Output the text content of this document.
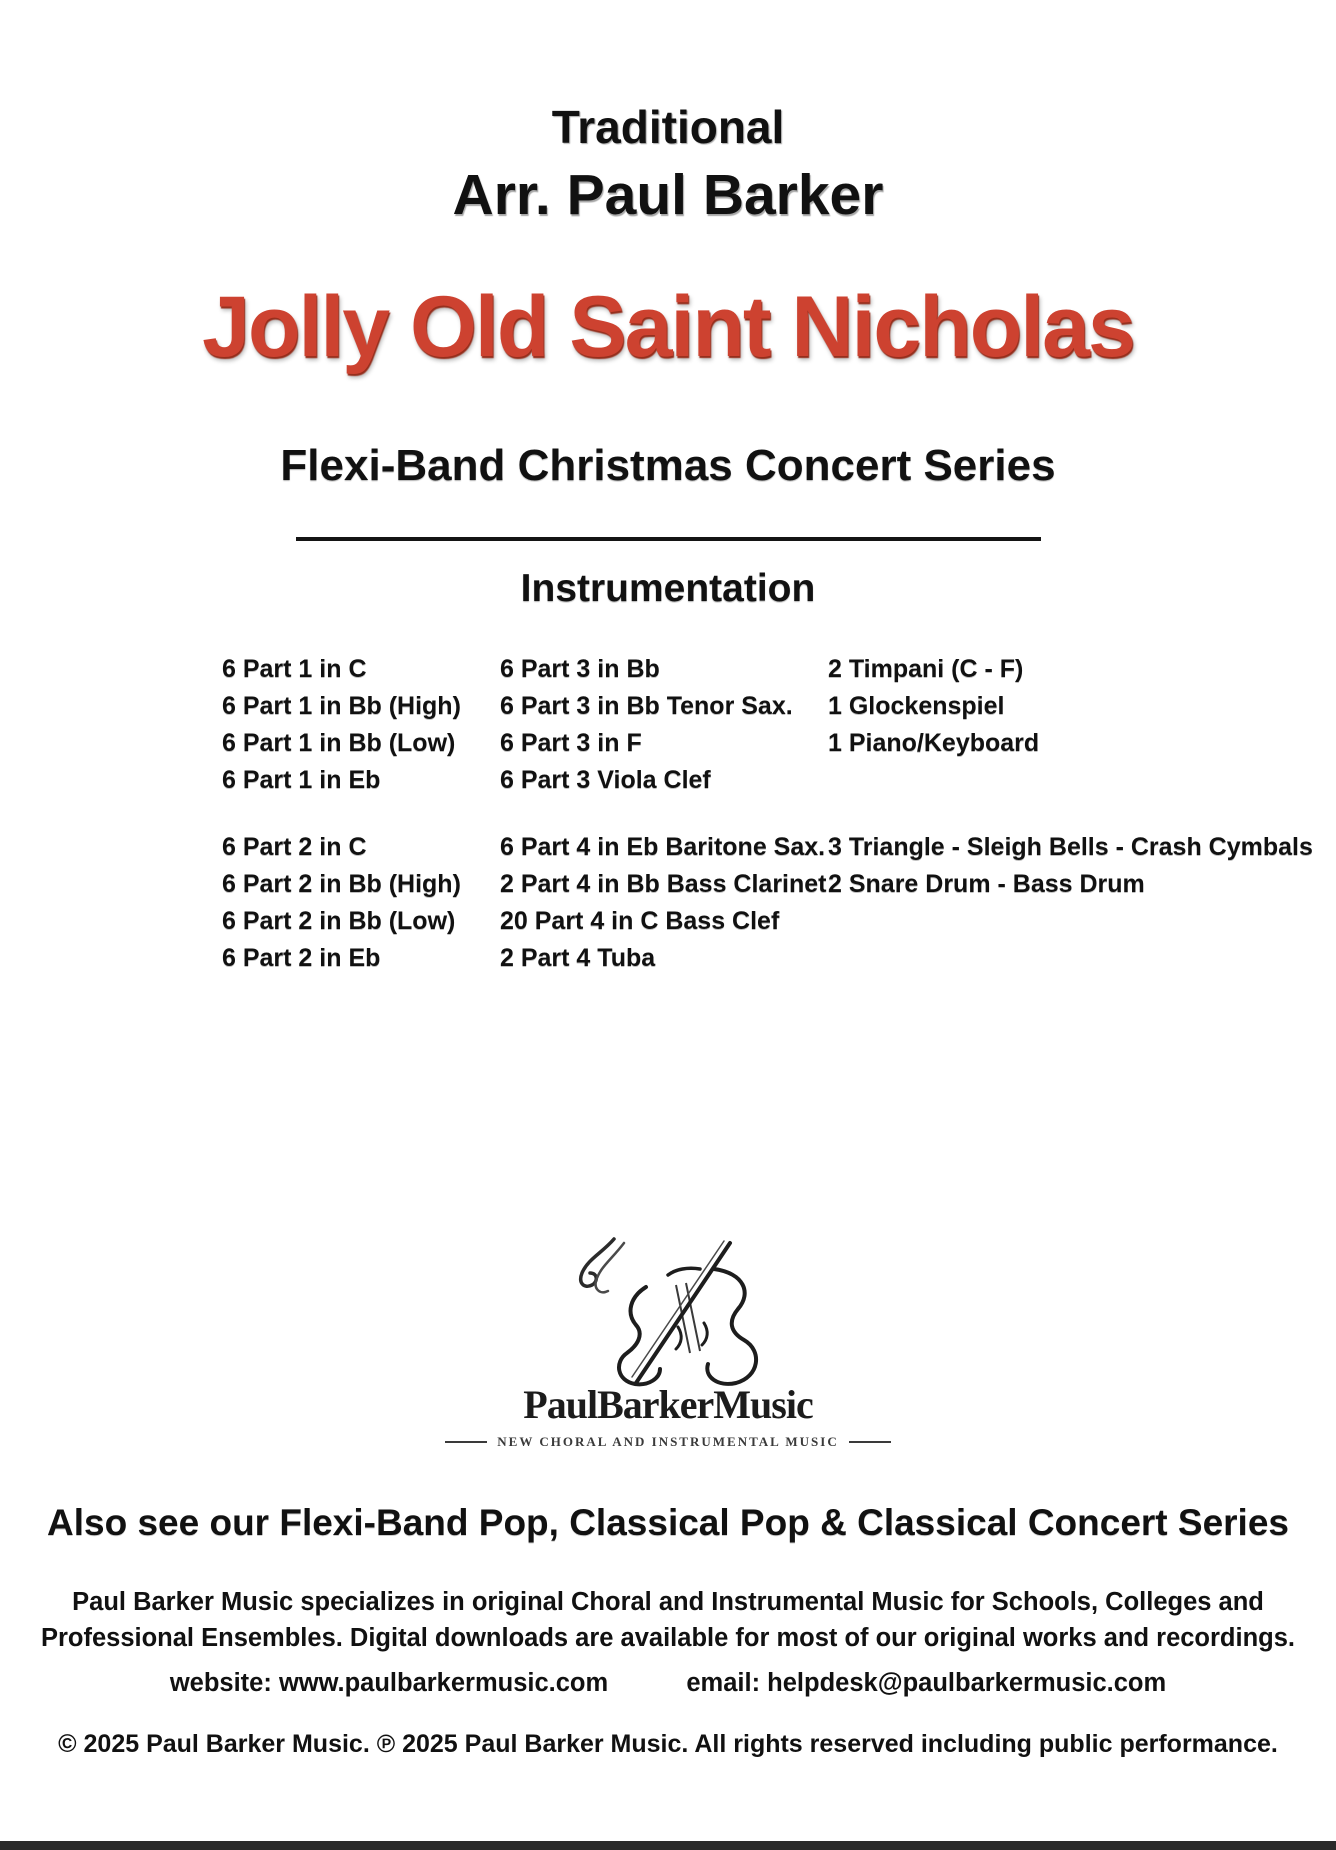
Traditional
Arr. Paul Barker
Jolly Old Saint Nicholas
Flexi-Band Christmas Concert Series
Instrumentation
6 Part 1 in C
6 Part 1 in Bb (High)
6 Part 1 in Bb (Low)
6 Part 1 in Eb
6 Part 2 in C
6 Part 2 in Bb (High)
6 Part 2 in Bb (Low)
6 Part 2 in Eb
6 Part 3 in Bb
6 Part 3 in Bb Tenor Sax.
6 Part 3 in F
6 Part 3 Viola Clef
6 Part 4 in Eb Baritone Sax.
2 Part 4 in Bb Bass Clarinet
20 Part 4 in C Bass Clef
2 Part 4 Tuba
2 Timpani (C - F)
1 Glockenspiel
1 Piano/Keyboard
3 Triangle - Sleigh Bells - Crash Cymbals
2 Snare Drum - Bass Drum
PaulBarkerMusic
NEW CHORAL AND INSTRUMENTAL MUSIC
Also see our Flexi-Band Pop, Classical Pop & Classical Concert Series
Paul Barker Music specializes in original Choral and Instrumental Music for Schools, Colleges and
Professional Ensembles. Digital downloads are available for most of our original works and recordings.
website: www.paulbarkermusic.com	email: helpdesk@paulbarkermusic.com
© 2025 Paul Barker Music. ℗ 2025 Paul Barker Music. All rights reserved including public performance.
